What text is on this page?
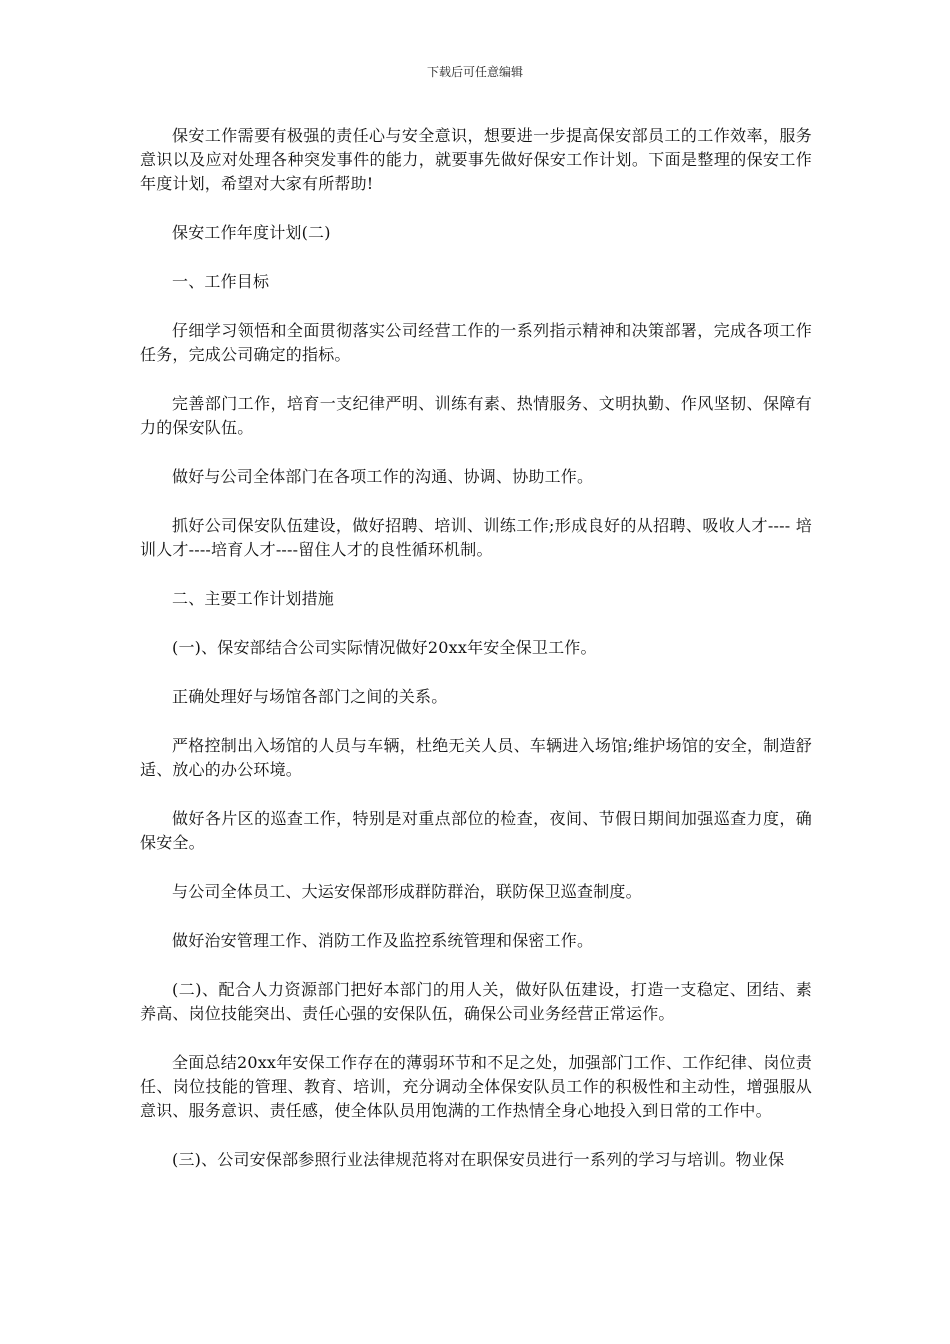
下载后可任意编辑

保安工作需要有极强的责任心与安全意识，想要进一步提高保安部员工的工作效率，服务意识以及应对处理各种突发事件的能力，就要事先做好保安工作计划。下面是整理的保安工作年度计划，希望对大家有所帮助!

保安工作年度计划(二)

一、工作目标

仔细学习领悟和全面贯彻落实公司经营工作的一系列指示精神和决策部署，完成各项工作任务，完成公司确定的指标。

完善部门工作，培育一支纪律严明、训练有素、热情服务、文明执勤、作风坚韧、保障有力的保安队伍。

做好与公司全体部门在各项工作的沟通、协调、协助工作。

抓好公司保安队伍建设，做好招聘、培训、训练工作;形成良好的从招聘、吸收人才---- 培训人才----培育人才----留住人才的良性循环机制。

二、主要工作计划措施

(一)、保安部结合公司实际情况做好20xx年安全保卫工作。

正确处理好与场馆各部门之间的关系。

严格控制出入场馆的人员与车辆，杜绝无关人员、车辆进入场馆;维护场馆的安全，制造舒适、放心的办公环境。

做好各片区的巡查工作，特别是对重点部位的检查，夜间、节假日期间加强巡查力度，确保安全。

与公司全体员工、大运安保部形成群防群治，联防保卫巡查制度。

做好治安管理工作、消防工作及监控系统管理和保密工作。

(二)、配合人力资源部门把好本部门的用人关，做好队伍建设，打造一支稳定、团结、素养高、岗位技能突出、责任心强的安保队伍，确保公司业务经营正常运作。

全面总结20xx年安保工作存在的薄弱环节和不足之处，加强部门工作、工作纪律、岗位责任、岗位技能的管理、教育、培训，充分调动全体保安队员工作的积极性和主动性，增强服从意识、服务意识、责任感，使全体队员用饱满的工作热情全身心地投入到日常的工作中。

(三)、公司安保部参照行业法律规范将对在职保安员进行一系列的学习与培训。物业保
